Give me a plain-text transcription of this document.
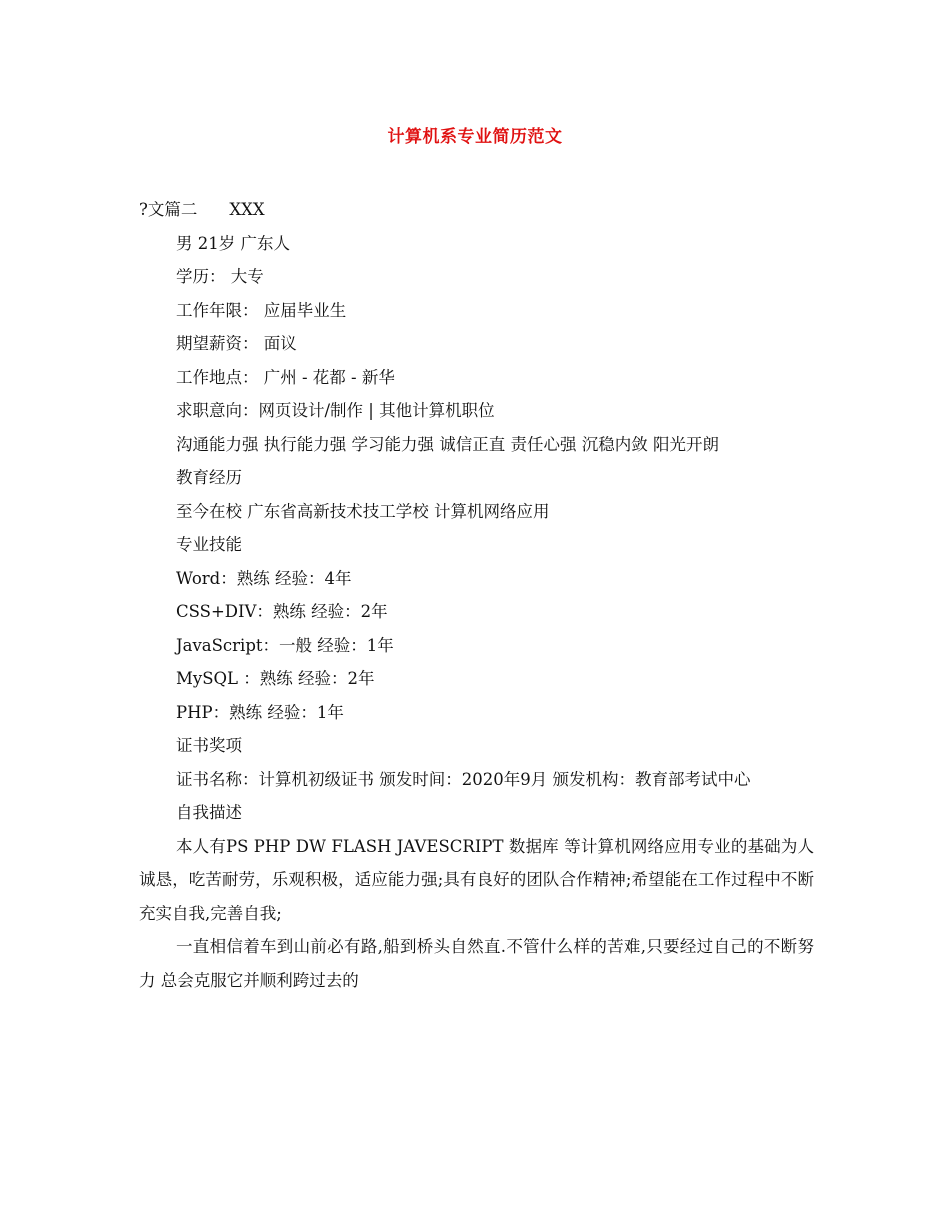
计算机系专业简历范文
?文篇二 XXX
男 21岁 广东人
学历： 大专
工作年限： 应届毕业生
期望薪资： 面议
工作地点： 广州 - 花都 - 新华
求职意向：网页设计/制作 | 其他计算机职位
沟通能力强 执行能力强 学习能力强 诚信正直 责任心强 沉稳内敛 阳光开朗
教育经历
至今在校 广东省高新技术技工学校 计算机网络应用
专业技能
Word：熟练 经验：4年
CSS+DIV：熟练 经验：2年
JavaScript：一般 经验：1年
MySQL ：熟练 经验：2年
PHP：熟练 经验：1年
证书奖项
证书名称：计算机初级证书 颁发时间：2020年9月 颁发机构：教育部考试中心
自我描述
本人有PS PHP DW FLASH JAVESCRIPT 数据库 等计算机网络应用专业的基础为人诚恳，吃苦耐劳，乐观积极，适应能力强;具有良好的团队合作精神;希望能在工作过程中不断充实自我,完善自我;
一直相信着车到山前必有路,船到桥头自然直.不管什么样的苦难,只要经过自己的不断努力 总会克服它并顺利跨过去的
